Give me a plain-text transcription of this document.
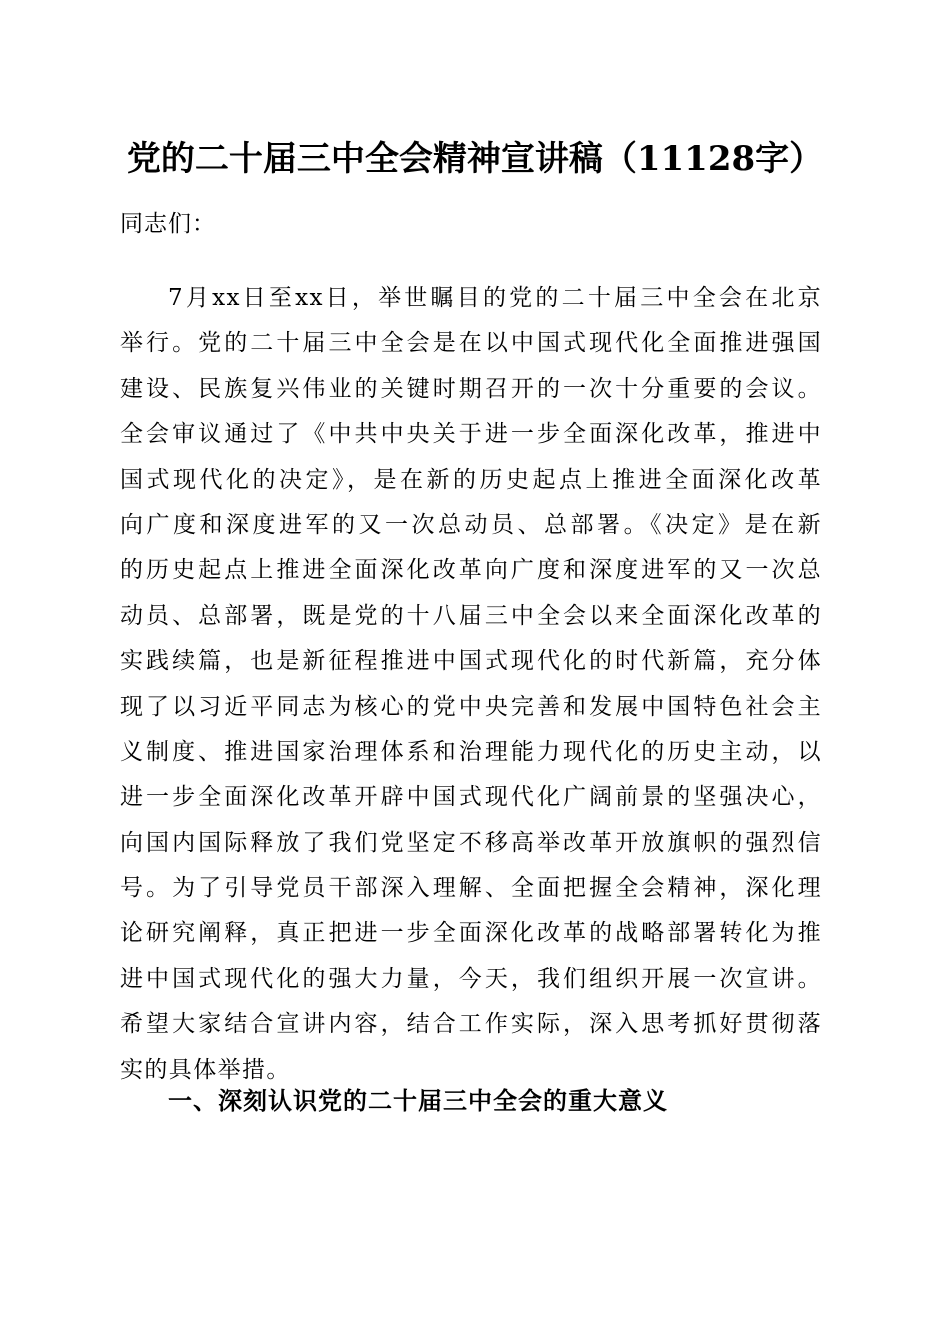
党的二十届三中全会精神宣讲稿（11128字）
同志们：
7月xx日至xx日，举世瞩目的党的二十届三中全会在北京
举行。党的二十届三中全会是在以中国式现代化全面推进强国
建设、民族复兴伟业的关键时期召开的一次十分重要的会议。
全会审议通过了《中共中央关于进一步全面深化改革，推进中
国式现代化的决定》，是在新的历史起点上推进全面深化改革
向广度和深度进军的又一次总动员、总部署。《决定》是在新
的历史起点上推进全面深化改革向广度和深度进军的又一次总
动员、总部署，既是党的十八届三中全会以来全面深化改革的
实践续篇，也是新征程推进中国式现代化的时代新篇，充分体
现了以习近平同志为核心的党中央完善和发展中国特色社会主
义制度、推进国家治理体系和治理能力现代化的历史主动，以
进一步全面深化改革开辟中国式现代化广阔前景的坚强决心，
向国内国际释放了我们党坚定不移高举改革开放旗帜的强烈信
号。为了引导党员干部深入理解、全面把握全会精神，深化理
论研究阐释，真正把进一步全面深化改革的战略部署转化为推
进中国式现代化的强大力量，今天，我们组织开展一次宣讲。
希望大家结合宣讲内容，结合工作实际，深入思考抓好贯彻落
实的具体举措。
一、深刻认识党的二十届三中全会的重大意义
